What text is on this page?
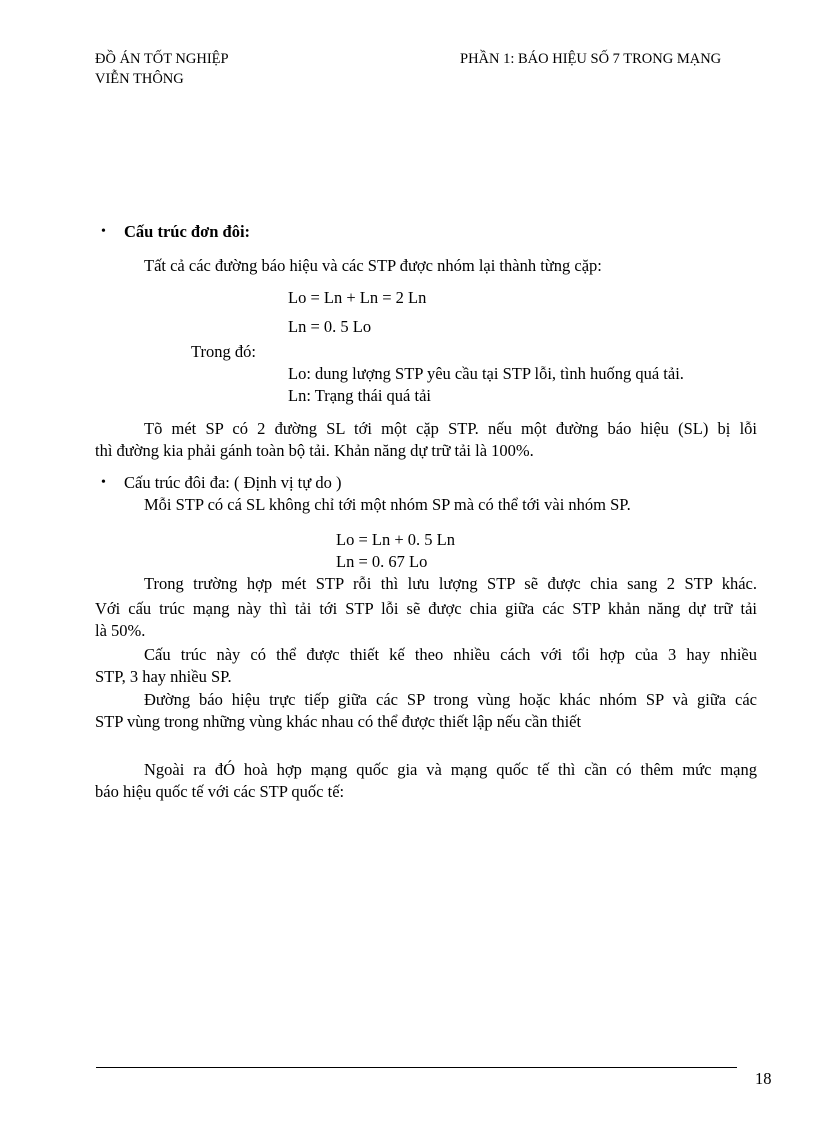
ĐỒ ÁN TỐT NGHIỆP
VIỄN THÔNG
PHẦN 1: BÁO HIỆU SỐ 7 TRONG MẠNG
• Cấu trúc đơn đôi:
Tất cả các đường báo hiệu và các STP được nhóm lại thành từng cặp:
Lo = Ln + Ln = 2 Ln
Ln = 0. 5 Lo
Trong đó:
Lo: dung lượng STP yêu cầu tại STP lỗi, tình huống quá tải.
Ln: Trạng thái quá tải
Tõ mét SP có 2 đường SL tới một cặp STP. nếu một đường báo hiệu (SL) bị lỗi
thì đường kia phải gánh toàn bộ tải. Khản năng dự trữ tải là 100%.
• Cấu trúc đôi đa: ( Định vị tự do )
Mỗi STP có cá SL không chỉ tới một nhóm SP mà có thể tới vài nhóm SP.
Lo = Ln + 0. 5 Ln
Ln = 0. 67 Lo
Trong trường hợp mét STP rỗi thì lưu lượng STP sẽ được chia sang 2 STP khác.
Với cấu trúc mạng này thì tải tới STP lỗi sẽ được chia giữa các STP khản năng dự trữ tải
là 50%.
Cấu trúc này có thể được thiết kế theo nhiều cách với tổi hợp của 3 hay nhiều
STP, 3 hay nhiều SP.
Đường báo hiệu trực tiếp giữa các SP trong vùng hoặc khác nhóm SP và giữa các
STP vùng trong những vùng khác nhau có thể được thiết lập nếu cần thiết
Ngoài ra đÓ hoà hợp mạng quốc gia và mạng quốc tế thì cần có thêm mức mạng
báo hiệu quốc tế với các STP quốc tế:
18
